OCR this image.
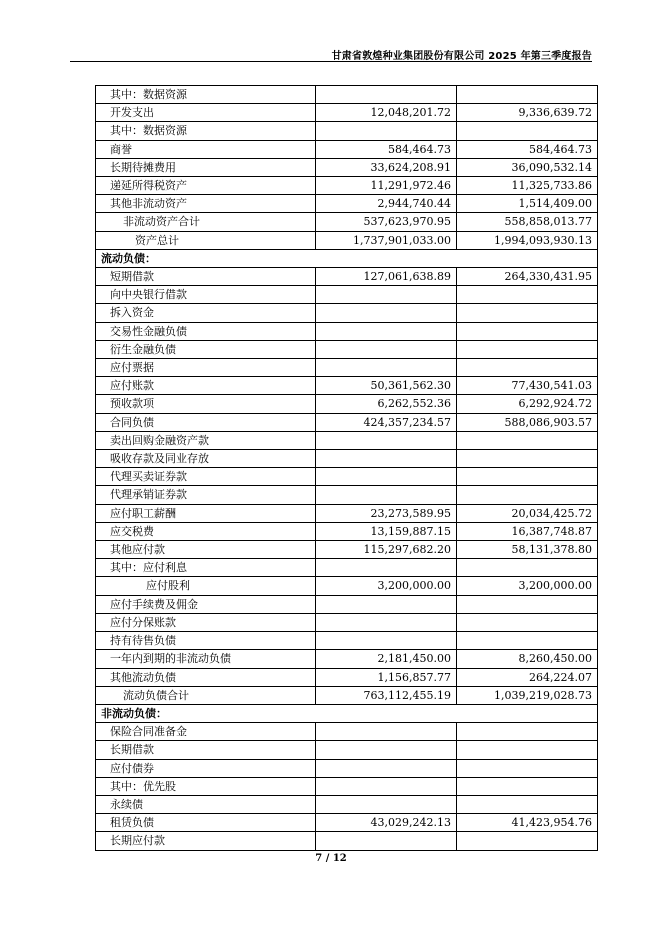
甘肃省敦煌种业集团股份有限公司 2025 年第三季度报告
其中：数据资源		
开发支出	12,048,201.72	9,336,639.72
其中：数据资源		
商誉	584,464.73	584,464.73
长期待摊费用	33,624,208.91	36,090,532.14
递延所得税资产	11,291,972.46	11,325,733.86
其他非流动资产	2,944,740.44	1,514,409.00
非流动资产合计	537,623,970.95	558,858,013.77
资产总计	1,737,901,033.00	1,994,093,930.13
流动负债：		
短期借款	127,061,638.89	264,330,431.95
向中央银行借款		
拆入资金		
交易性金融负债		
衍生金融负债		
应付票据		
应付账款	50,361,562.30	77,430,541.03
预收款项	6,262,552.36	6,292,924.72
合同负债	424,357,234.57	588,086,903.57
卖出回购金融资产款		
吸收存款及同业存放		
代理买卖证券款		
代理承销证券款		
应付职工薪酬	23,273,589.95	20,034,425.72
应交税费	13,159,887.15	16,387,748.87
其他应付款	115,297,682.20	58,131,378.80
其中：应付利息		
应付股利	3,200,000.00	3,200,000.00
应付手续费及佣金		
应付分保账款		
持有待售负债		
一年内到期的非流动负债	2,181,450.00	8,260,450.00
其他流动负债	1,156,857.77	264,224.07
流动负债合计	763,112,455.19	1,039,219,028.73
非流动负债：		
保险合同准备金		
长期借款		
应付债券		
其中：优先股		
永续债		
租赁负债	43,029,242.13	41,423,954.76
长期应付款		
7 / 12
